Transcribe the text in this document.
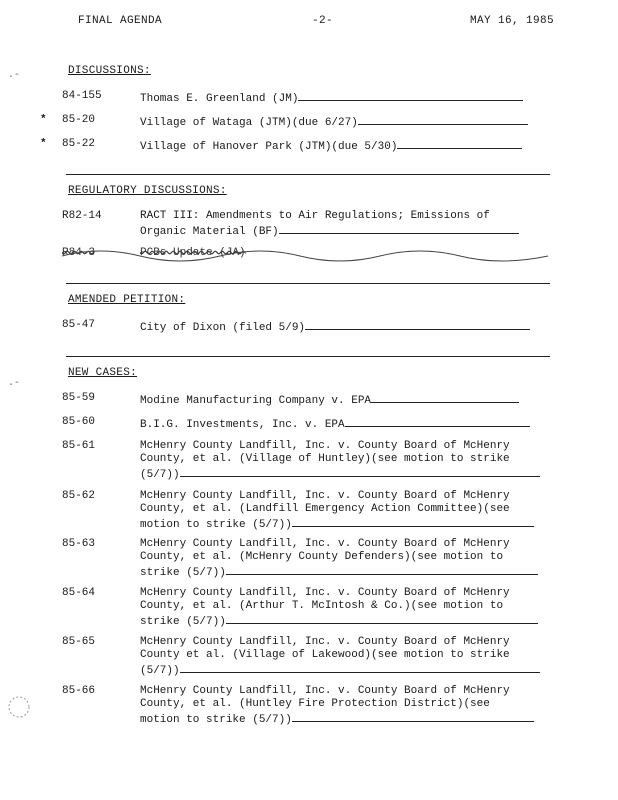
FINAL AGENDA	-2-	MAY 16, 1985
.-
.-
DISCUSSIONS:
84-155	Thomas E. Greenland (JM)
* 85-20	Village of Wataga (JTM)(due 6/27)
* 85-22	Village of Hanover Park (JTM)(due 5/30)
REGULATORY DISCUSSIONS:
R82-14	RACT III: Amendments to Air Regulations; Emissions of
Organic Material (BF)
R84-3	PCBs Update (JA)
AMENDED PETITION:
85-47	City of Dixon (filed 5/9)
NEW CASES:
85-59	Modine Manufacturing Company v. EPA
85-60	B.I.G. Investments, Inc. v. EPA
85-61	McHenry County Landfill, Inc. v. County Board of McHenry
County, et al. (Village of Huntley)(see motion to strike
(5/7))
85-62	McHenry County Landfill, Inc. v. County Board of McHenry
County, et al. (Landfill Emergency Action Committee)(see
motion to strike (5/7))
85-63	McHenry County Landfill, Inc. v. County Board of McHenry
County, et al. (McHenry County Defenders)(see motion to
strike (5/7))
85-64	McHenry County Landfill, Inc. v. County Board of McHenry
County, et al. (Arthur T. McIntosh & Co.)(see motion to
strike (5/7))
85-65	McHenry County Landfill, Inc. v. County Board of McHenry
County et al. (Village of Lakewood)(see motion to strike
(5/7))
85-66	McHenry County Landfill, Inc. v. County Board of McHenry
County, et al. (Huntley Fire Protection District)(see
motion to strike (5/7))
